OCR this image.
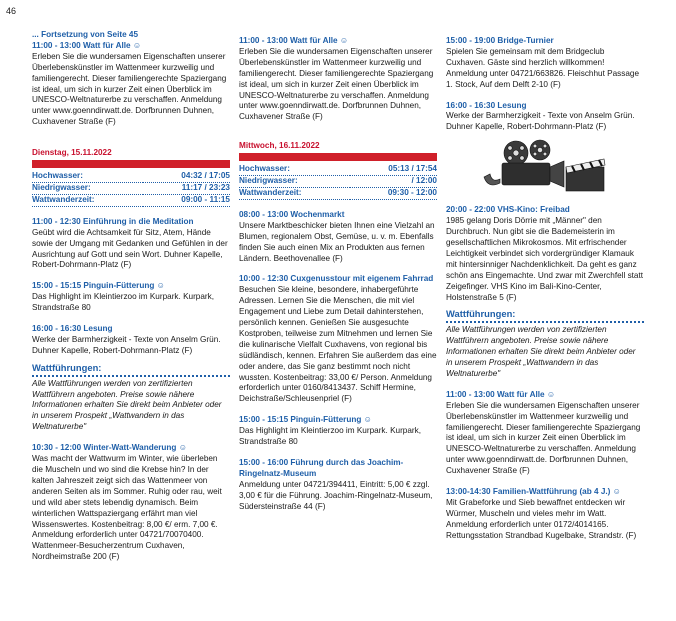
46

... Fortsetzung von Seite 45

11:00 - 13:00 Watt für Alle ☺

Erleben Sie die wundersamen Eigenschaften unserer Überlebenskünstler im Wattenmeer kurzweilig und familiengerecht. Dieser familiengerechte Spaziergang ist ideal, um sich in kurzer Zeit einen Überblick im UNESCO-Weltnaturerbe zu verschaffen. Anmeldung unter www.goenndirwatt.de. Dorfbrunnen Duhnen, Cuxhavener Straße (F)

Dienstag, 15.11.2022

Hochwasser:	04:32 / 17:05
Niedrigwasser:	11:17 / 23:23
Wattwanderzeit:	09:00 - 11:15

11:00 - 12:30 Einführung in die Meditation

Geübt wird die Achtsamkeit für Sitz, Atem, Hände sowie der Umgang mit Gedanken und Gefühlen in der Ausrichtung auf Gott und sein Wort. Duhner Kapelle, Robert-Dohrmann-Platz (F)

15:00 - 15:15 Pinguin-Fütterung ☺

Das Highlight im Kleintierzoo im Kurpark. Kurpark, Strandstraße 80

16:00 - 16:30 Lesung

Werke der Barmherzigkeit - Texte von Anselm Grün. Duhner Kapelle, Robert-Dohrmann-Platz (F)

Wattführungen:

Alle Wattführungen werden von zertifizierten Wattführern angeboten. Preise sowie nähere Informationen erhalten Sie direkt beim Anbieter oder in unserem Prospekt „Wattwandern in das Weltnaturerbe"

10:30 - 12:00 Winter-Watt-Wanderung ☺

Was macht der Wattwurm im Winter, wie überleben die Muscheln und wo sind die Krebse hin? In der kalten Jahreszeit zeigt sich das Wattenmeer von anderen Seiten als im Sommer. Ruhig oder rau, weit und wild aber stets lebendig dynamisch. Beim winterlichen Wattspaziergang erfährt man viel Wissenswertes. Kostenbeitrag: 8,00 €/ erm. 7,00 €. Anmeldung erforderlich unter 04721/70070400. Wattenmeer-Besucherzentrum Cuxhaven, Nordheimstraße 200 (F)

11:00 - 13:00 Watt für Alle ☺

Erleben Sie die wundersamen Eigenschaften unserer Überlebenskünstler im Wattenmeer kurzweilig und familiengerecht. Dieser familiengerechte Spaziergang ist ideal, um sich in kurzer Zeit einen Überblick im UNESCO-Weltnaturerbe zu verschaffen. Anmeldung unter www.goenndirwatt.de. Dorfbrunnen Duhnen, Cuxhavener Straße (F)

Mittwoch, 16.11.2022

Hochwasser:	05:13 / 17:54
Niedrigwasser:	/ 12:00
Wattwanderzeit:	09:30 - 12:00

08:00 - 13:00 Wochenmarkt

Unsere Marktbeschicker bieten Ihnen eine Vielzahl an Blumen, regionalem Obst, Gemüse, u. v. m. Ebenfalls finden Sie auch einen Mix an Produkten aus fernen Ländern. Beethovenallee (F)

10:00 - 12:30 Cuxgenusstour mit eigenem Fahrrad

Besuchen Sie kleine, besondere, inhabergeführte Adressen. Lernen Sie die Menschen, die mit viel Engagement und Liebe zum Detail dahinterstehen, persönlich kennen. Genießen Sie ausgesuchte Kostproben, teilweise zum Mitnehmen und lernen Sie die kulinarische Vielfalt Cuxhavens, von regional bis südländisch, kennen. Erfahren Sie außerdem das eine oder andere, das Sie ganz bestimmt noch nicht wussten. Kostenbeitrag: 33,00 €/ Person. Anmeldung erforderlich unter 0160/8413437. Schiff Hermine, Deichstraße/Schleusenpriel (F)

15:00 - 15:15 Pinguin-Fütterung ☺

Das Highlight im Kleintierzoo im Kurpark. Kurpark, Strandstraße 80

15:00 - 16:00 Führung durch das Joachim-Ringelnatz-Museum

Anmeldung unter 04721/394411, Eintritt: 5,00 € zzgl. 3,00 € für die Führung. Joachim-Ringelnatz-Museum, Südersteinstraße 44 (F)

15:00 - 19:00 Bridge-Turnier

Spielen Sie gemeinsam mit dem Bridgeclub Cuxhaven. Gäste sind herzlich willkommen! Anmeldung unter 04721/663826. Fleischhut Passage 1. Stock, Auf dem Delft 2-10 (F)

16:00 - 16:30 Lesung

Werke der Barmherzigkeit - Texte von Anselm Grün. Duhner Kapelle, Robert-Dohrmann-Platz (F)

20:00 - 22:00 VHS-Kino: Freibad

1985 gelang Doris Dörrie mit „Männer" den Durchbruch. Nun gibt sie die Bademeisterin im gesellschaftlichen Mikrokosmos. Mit erfrischender Leichtigkeit verbindet sich vordergründiger Klamauk mit hintersinniger Nachdenklichkeit. Da geht es ganz schön ans Eingemachte. Und zwar mit Zwerchfell statt Zeigefinger. VHS Kino im Bali-Kino-Center, Holstenstraße 5 (F)

Wattführungen:

Alle Wattführungen werden von zertifizierten Wattführern angeboten. Preise sowie nähere Informationen erhalten Sie direkt beim Anbieter oder in unserem Prospekt „Wattwandern in das Weltnaturerbe"

11:00 - 13:00 Watt für Alle ☺

Erleben Sie die wundersamen Eigenschaften unserer Überlebenskünstler im Wattenmeer kurzweilig und familiengerecht. Dieser familiengerechte Spaziergang ist ideal, um sich in kurzer Zeit einen Überblick im UNESCO-Weltnaturerbe zu verschaffen. Anmeldung unter www.goenndirwatt.de. Dorfbrunnen Duhnen, Cuxhavener Straße (F)

13:00-14:30 Familien-Wattführung (ab 4 J.) ☺

Mit Grabeforke und Sieb bewaffnet entdecken wir Würmer, Muscheln und vieles mehr im Watt. Anmeldung erforderlich unter 0172/4014165. Rettungsstation Strandbad Kugelbake, Strandstr. (F)
